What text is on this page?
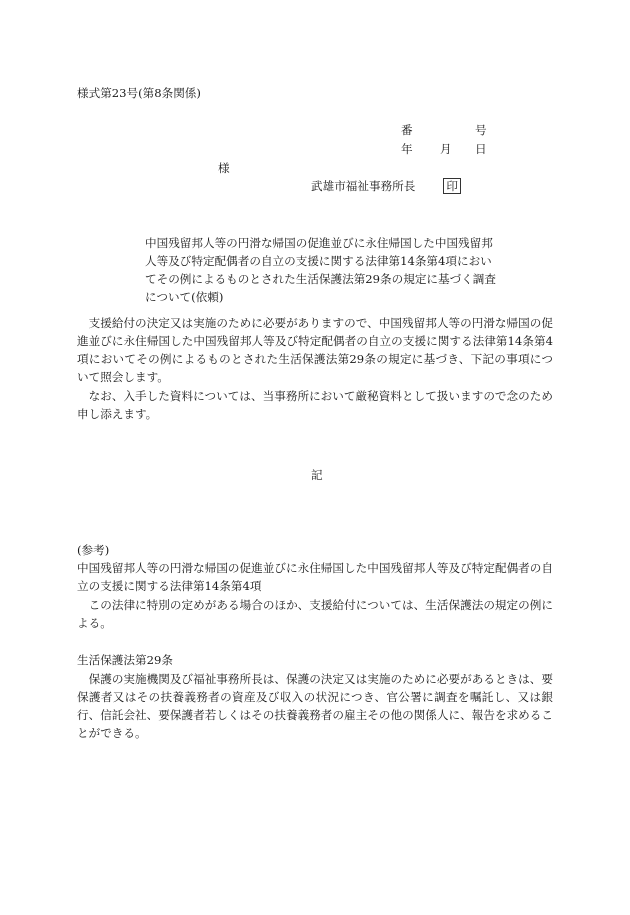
様式第23号(第8条関係)
番	号
年 月 日
様
武雄市福祉事務所長	印
中国残留邦人等の円滑な帰国の促進並びに永住帰国した中国残留邦人等及び特定配偶者の自立の支援に関する法律第14条第4項においてその例によるものとされた生活保護法第29条の規定に基づく調査について(依頼)
支援給付の決定又は実施のために必要がありますので、中国残留邦人等の円滑な帰国の促進並びに永住帰国した中国残留邦人等及び特定配偶者の自立の支援に関する法律第14条第4項においてその例によるものとされた生活保護法第29条の規定に基づき、下記の事項について照会します。
なお、入手した資料については、当事務所において厳秘資料として扱いますので念のため申し添えます。
記
(参考)
中国残留邦人等の円滑な帰国の促進並びに永住帰国した中国残留邦人等及び特定配偶者の自立の支援に関する法律第14条第4項
この法律に特別の定めがある場合のほか、支援給付については、生活保護法の規定の例による。
生活保護法第29条
保護の実施機関及び福祉事務所長は、保護の決定又は実施のために必要があるときは、要保護者又はその扶養義務者の資産及び収入の状況につき、官公署に調査を嘱託し、又は銀行、信託会社、要保護者若しくはその扶養義務者の雇主その他の関係人に、報告を求めることができる。
